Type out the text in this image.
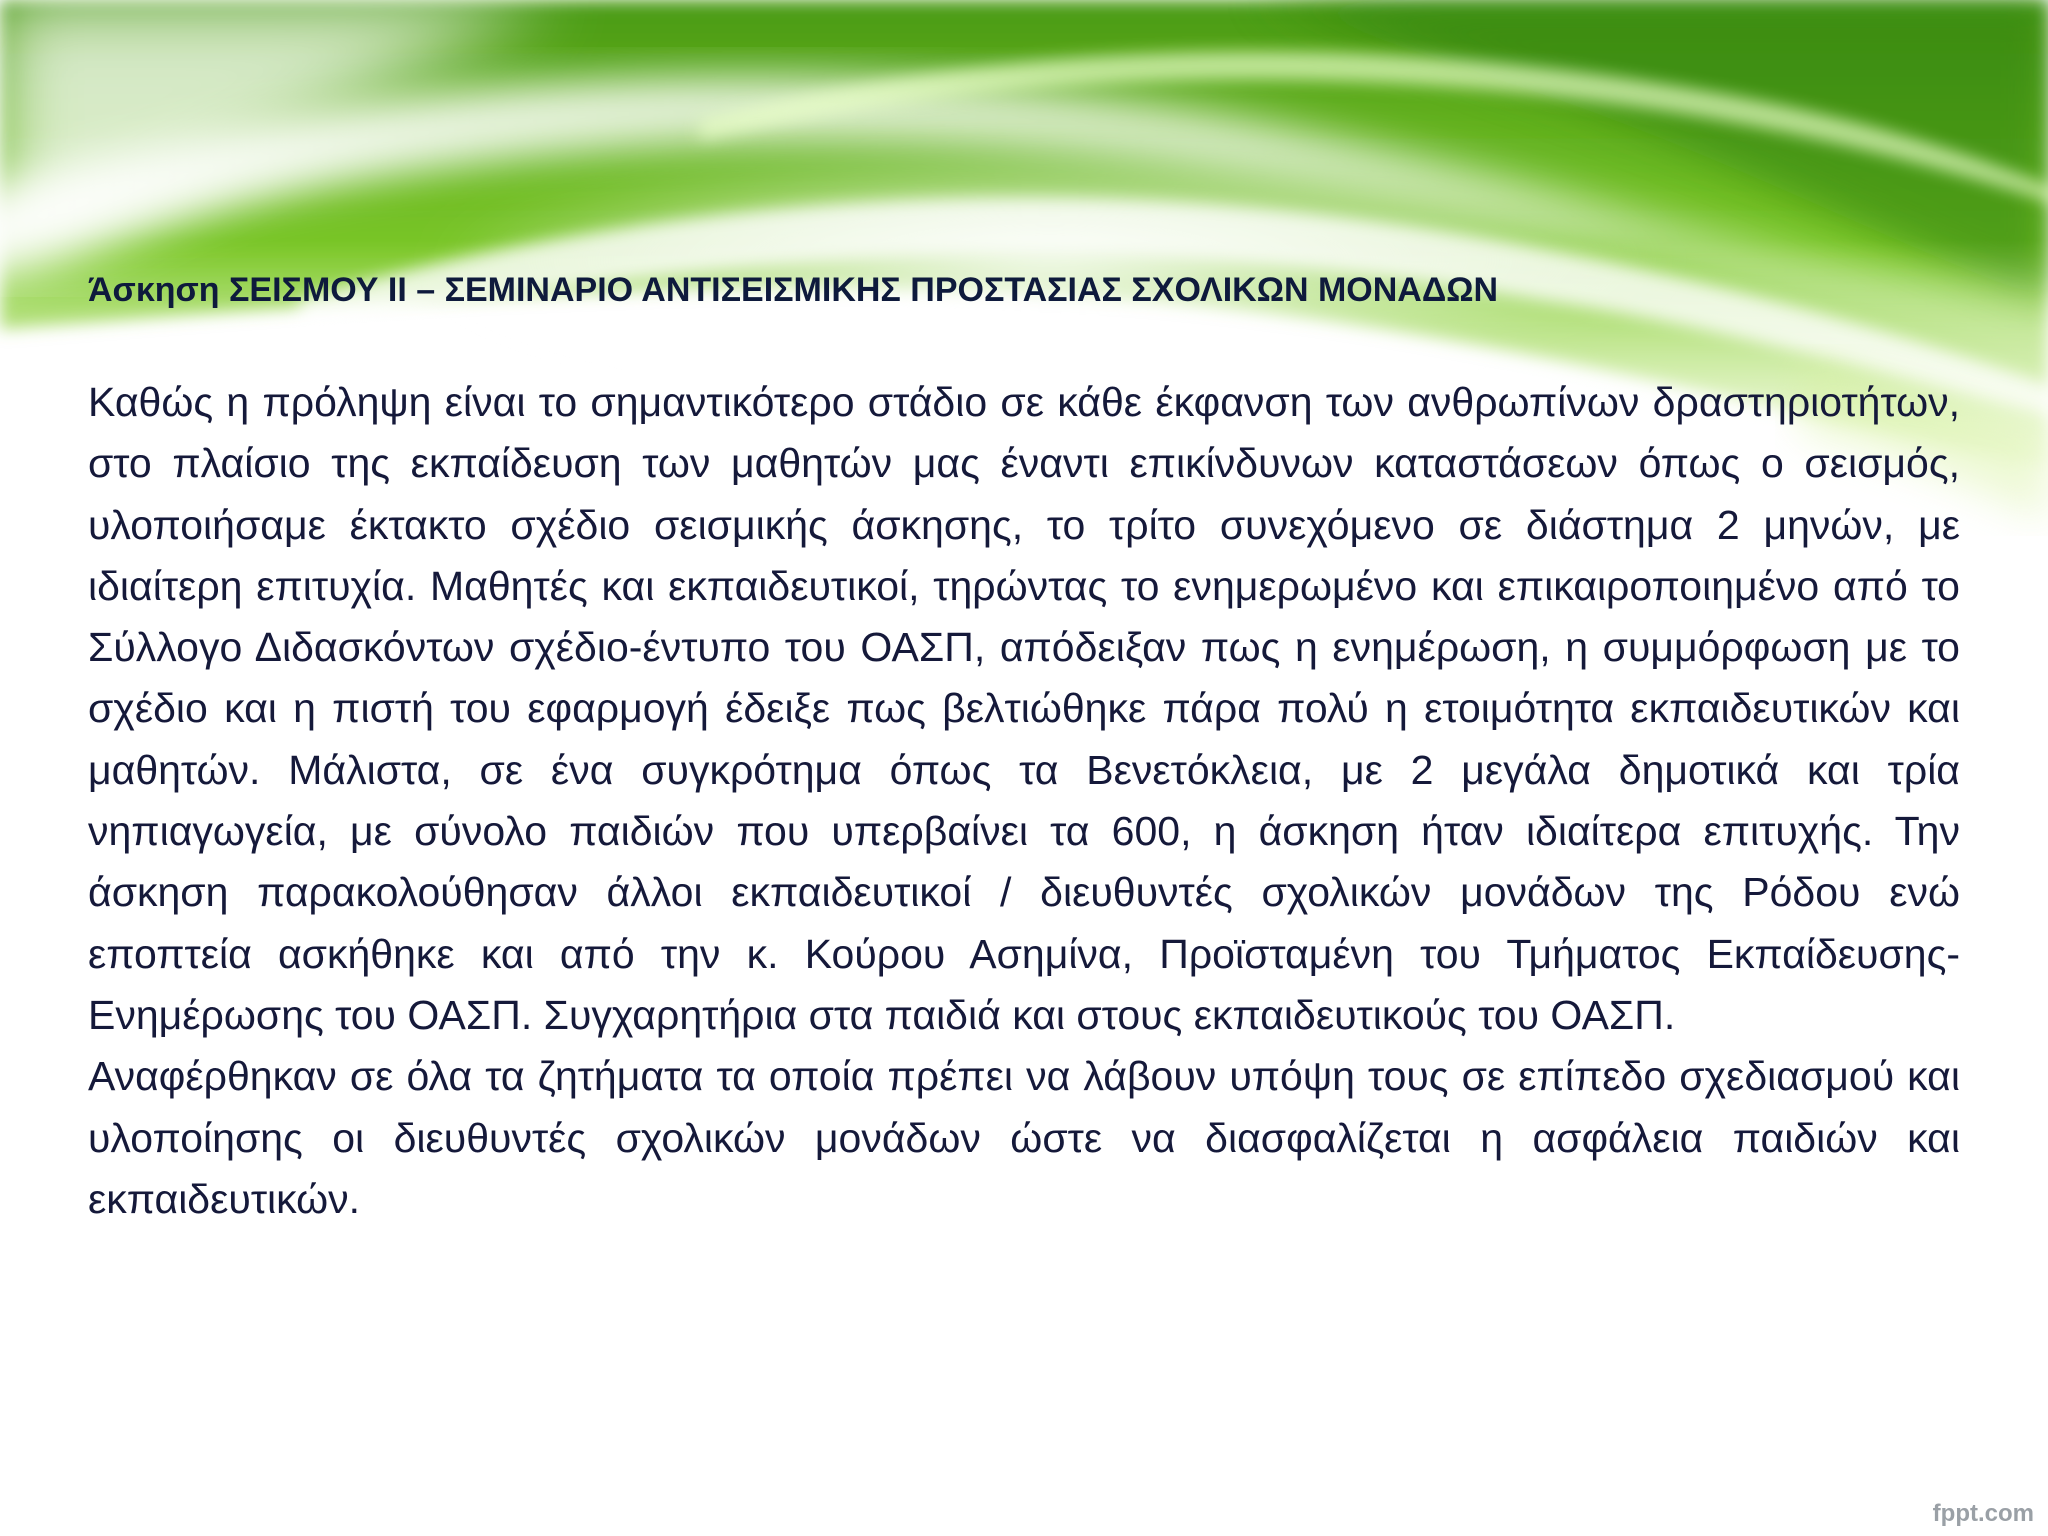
Άσκηση ΣΕΙΣΜΟΥ ΙΙ – ΣΕΜΙΝΑΡΙΟ ΑΝΤΙΣΕΙΣΜΙΚΗΣ ΠΡΟΣΤΑΣΙΑΣ ΣΧΟΛΙΚΩΝ ΜΟΝΑΔΩΝ

Καθώς η πρόληψη είναι το σημαντικότερο στάδιο σε κάθε έκφανση των ανθρωπίνων δραστηριοτήτων, στο πλαίσιο της εκπαίδευση των μαθητών μας έναντι επικίνδυνων καταστάσεων όπως ο σεισμός, υλοποιήσαμε έκτακτο σχέδιο σεισμικής άσκησης, το τρίτο συνεχόμενο σε διάστημα 2 μηνών, με ιδιαίτερη επιτυχία. Μαθητές και εκπαιδευτικοί, τηρώντας το ενημερωμένο και επικαιροποιημένο από το Σύλλογο Διδασκόντων σχέδιο-έντυπο του ΟΑΣΠ, απόδειξαν πως η ενημέρωση, η συμμόρφωση με το σχέδιο και η πιστή του εφαρμογή έδειξε πως βελτιώθηκε πάρα πολύ η ετοιμότητα εκπαιδευτικών και μαθητών. Μάλιστα, σε ένα συγκρότημα όπως τα Βενετόκλεια, με 2 μεγάλα δημοτικά και τρία νηπιαγωγεία, με σύνολο παιδιών που υπερβαίνει τα 600, η άσκηση ήταν ιδιαίτερα επιτυχής. Την άσκηση παρακολούθησαν άλλοι εκπαιδευτικοί / διευθυντές σχολικών μονάδων της Ρόδου ενώ εποπτεία ασκήθηκε και από την κ. Κούρου Ασημίνα, Προϊσταμένη του Τμήματος Εκπαίδευσης- Ενημέρωσης του ΟΑΣΠ. Συγχαρητήρια στα παιδιά και στους εκπαιδευτικούς του ΟΑΣΠ.

Αναφέρθηκαν σε όλα τα ζητήματα τα οποία πρέπει να λάβουν υπόψη τους σε επίπεδο σχεδιασμού και υλοποίησης οι διευθυντές σχολικών μονάδων ώστε να διασφαλίζεται η ασφάλεια παιδιών και εκπαιδευτικών.

fppt.com
